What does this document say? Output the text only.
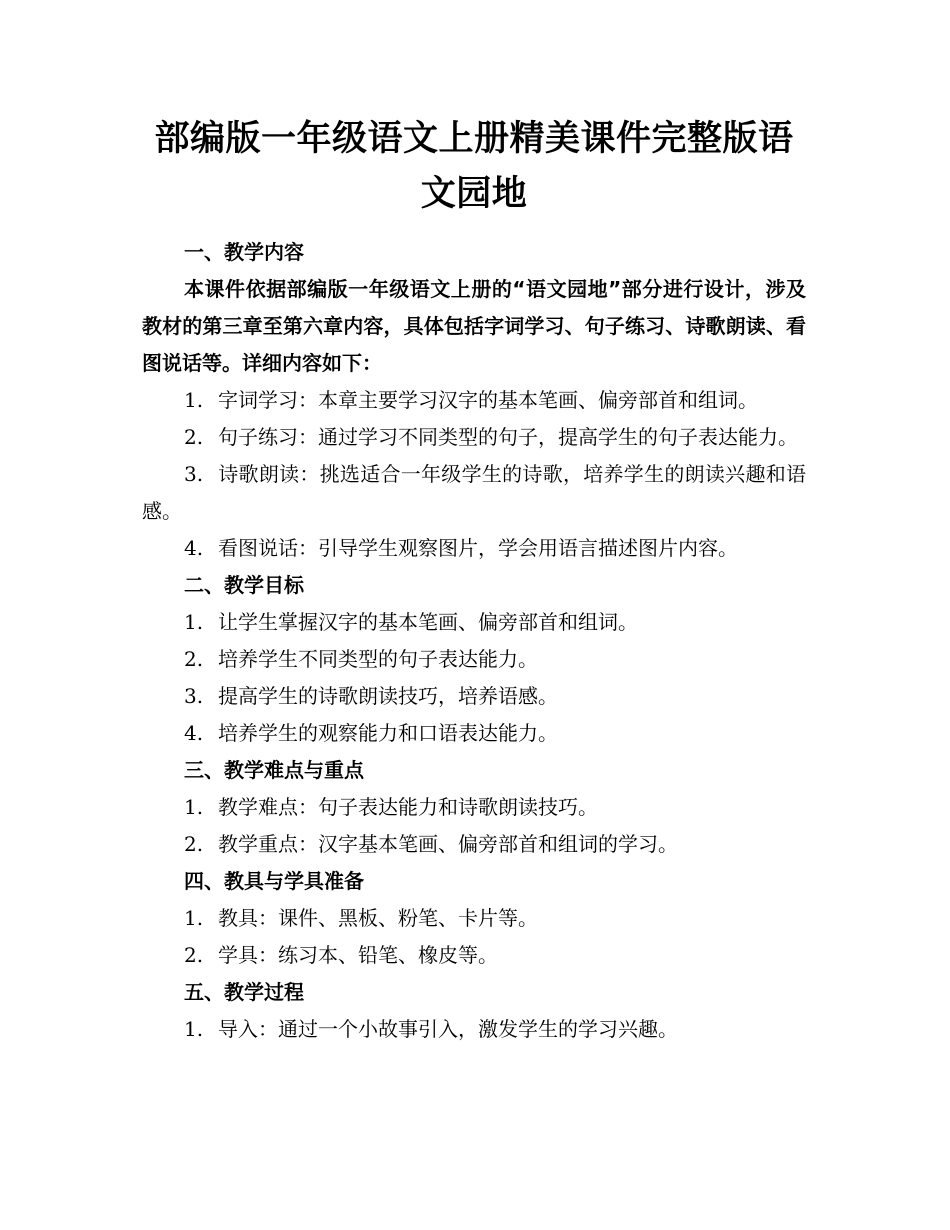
部编版一年级语文上册精美课件完整版语文园地

一、教学内容

本课件依据部编版一年级语文上册的“语文园地”部分进行设计，涉及教材的第三章至第六章内容，具体包括字词学习、句子练习、诗歌朗读、看图说话等。详细内容如下：

1. 字词学习：本章主要学习汉字的基本笔画、偏旁部首和组词。

2. 句子练习：通过学习不同类型的句子，提高学生的句子表达能力。

3. 诗歌朗读：挑选适合一年级学生的诗歌，培养学生的朗读兴趣和语感。

4. 看图说话：引导学生观察图片，学会用语言描述图片内容。

二、教学目标

1. 让学生掌握汉字的基本笔画、偏旁部首和组词。

2. 培养学生不同类型的句子表达能力。

3. 提高学生的诗歌朗读技巧，培养语感。

4. 培养学生的观察能力和口语表达能力。

三、教学难点与重点

1. 教学难点：句子表达能力和诗歌朗读技巧。

2. 教学重点：汉字基本笔画、偏旁部首和组词的学习。

四、教具与学具准备

1. 教具：课件、黑板、粉笔、卡片等。

2. 学具：练习本、铅笔、橡皮等。

五、教学过程

1. 导入：通过一个小故事引入，激发学生的学习兴趣。
